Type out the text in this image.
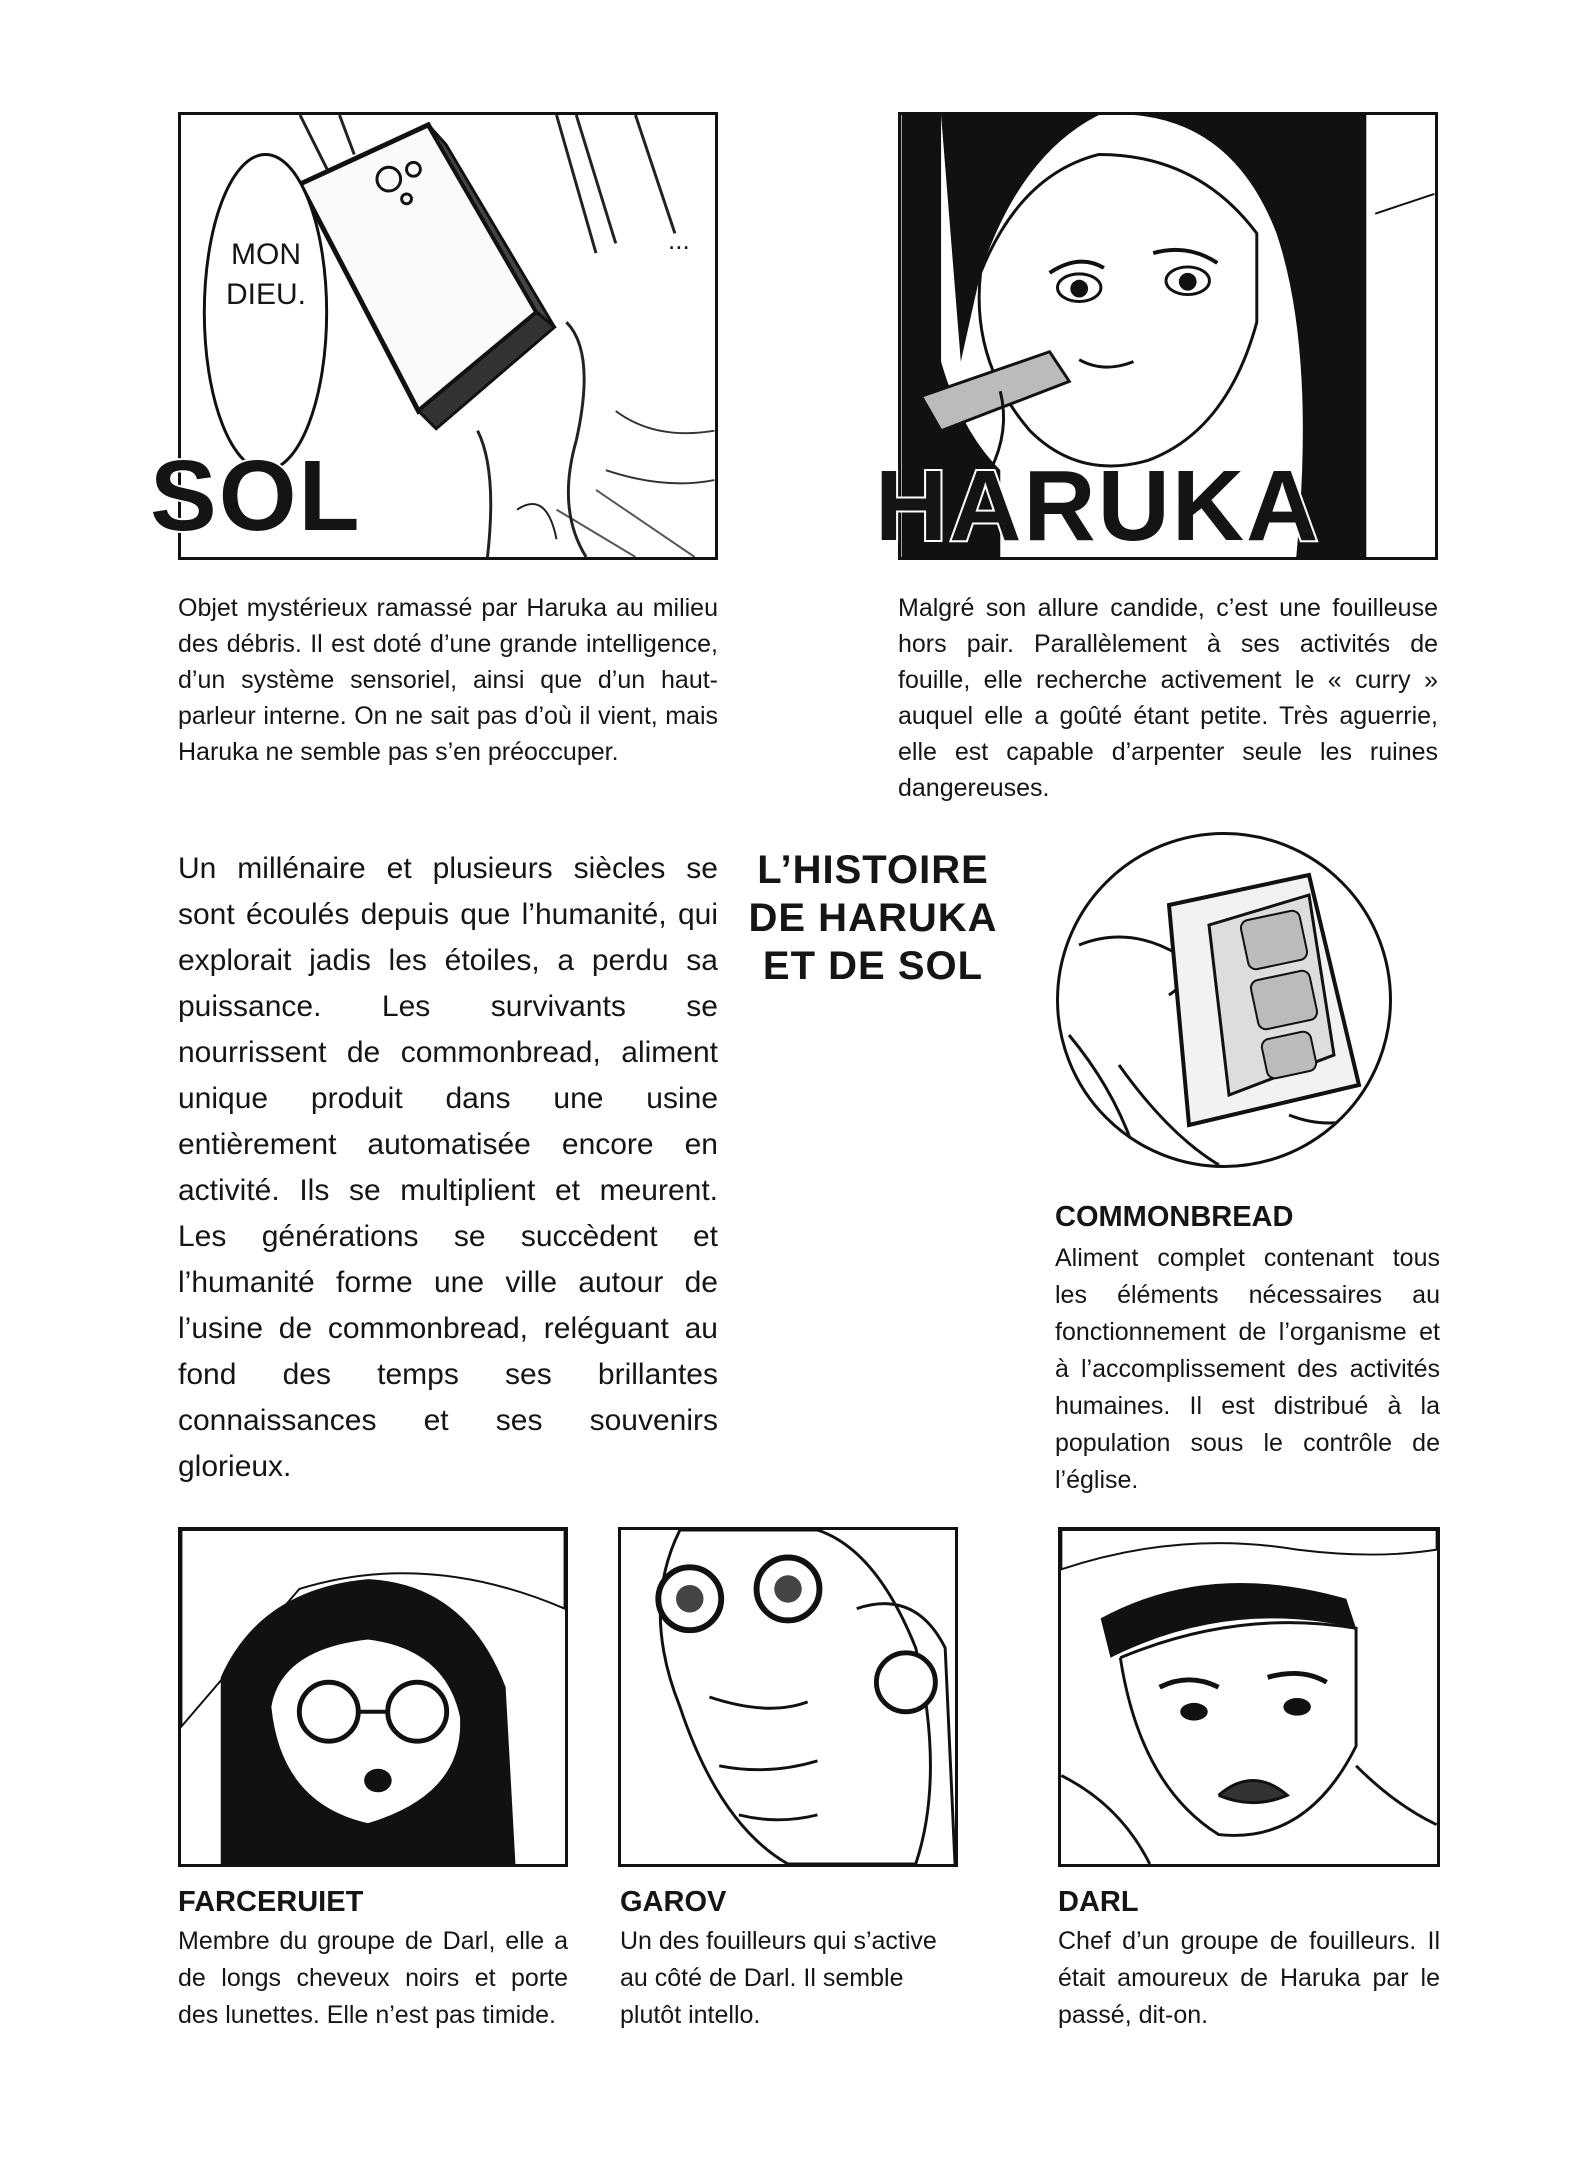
MON
DIEU.
...
SOL
Objet mystérieux ramassé par Haruka au milieu des débris. Il est doté d’une grande intelligence, d’un système sensoriel, ainsi que d’un haut-parleur interne. On ne sait pas d’où il vient, mais Haruka ne semble pas s’en préoccuper.
HARUKA
Malgré son allure candide, c’est une fouilleuse hors pair. Parallèlement à ses activités de fouille, elle recherche activement le « curry » auquel elle a goûté étant petite. Très aguerrie, elle est capable d’arpenter seule les ruines dangereuses.
Un millénaire et plusieurs siècles se sont écoulés depuis que l’humanité, qui explorait jadis les étoiles, a perdu sa puissance. Les survivants se nourrissent de commonbread, aliment unique produit dans une usine entièrement automatisée encore en activité. Ils se multiplient et meurent. Les générations se succèdent et l’humanité forme une ville autour de l’usine de commonbread, reléguant au fond des temps ses brillantes connaissances et ses souvenirs glorieux.
L’HISTOIRE
DE HARUKA
ET DE SOL
COMMONBREAD
Aliment complet contenant tous les éléments nécessaires au fonctionnement de l’organisme et à l’accomplissement des activités humaines. Il est distribué à la population sous le contrôle de l’église.
FARCERUIET
Membre du groupe de Darl, elle a de longs cheveux noirs et porte des lunettes. Elle n’est pas timide.
GAROV
Un des fouilleurs qui s’active au côté de Darl. Il semble plutôt intello.
DARL
Chef d’un groupe de fouilleurs. Il était amoureux de Haruka par le passé, dit-on.
